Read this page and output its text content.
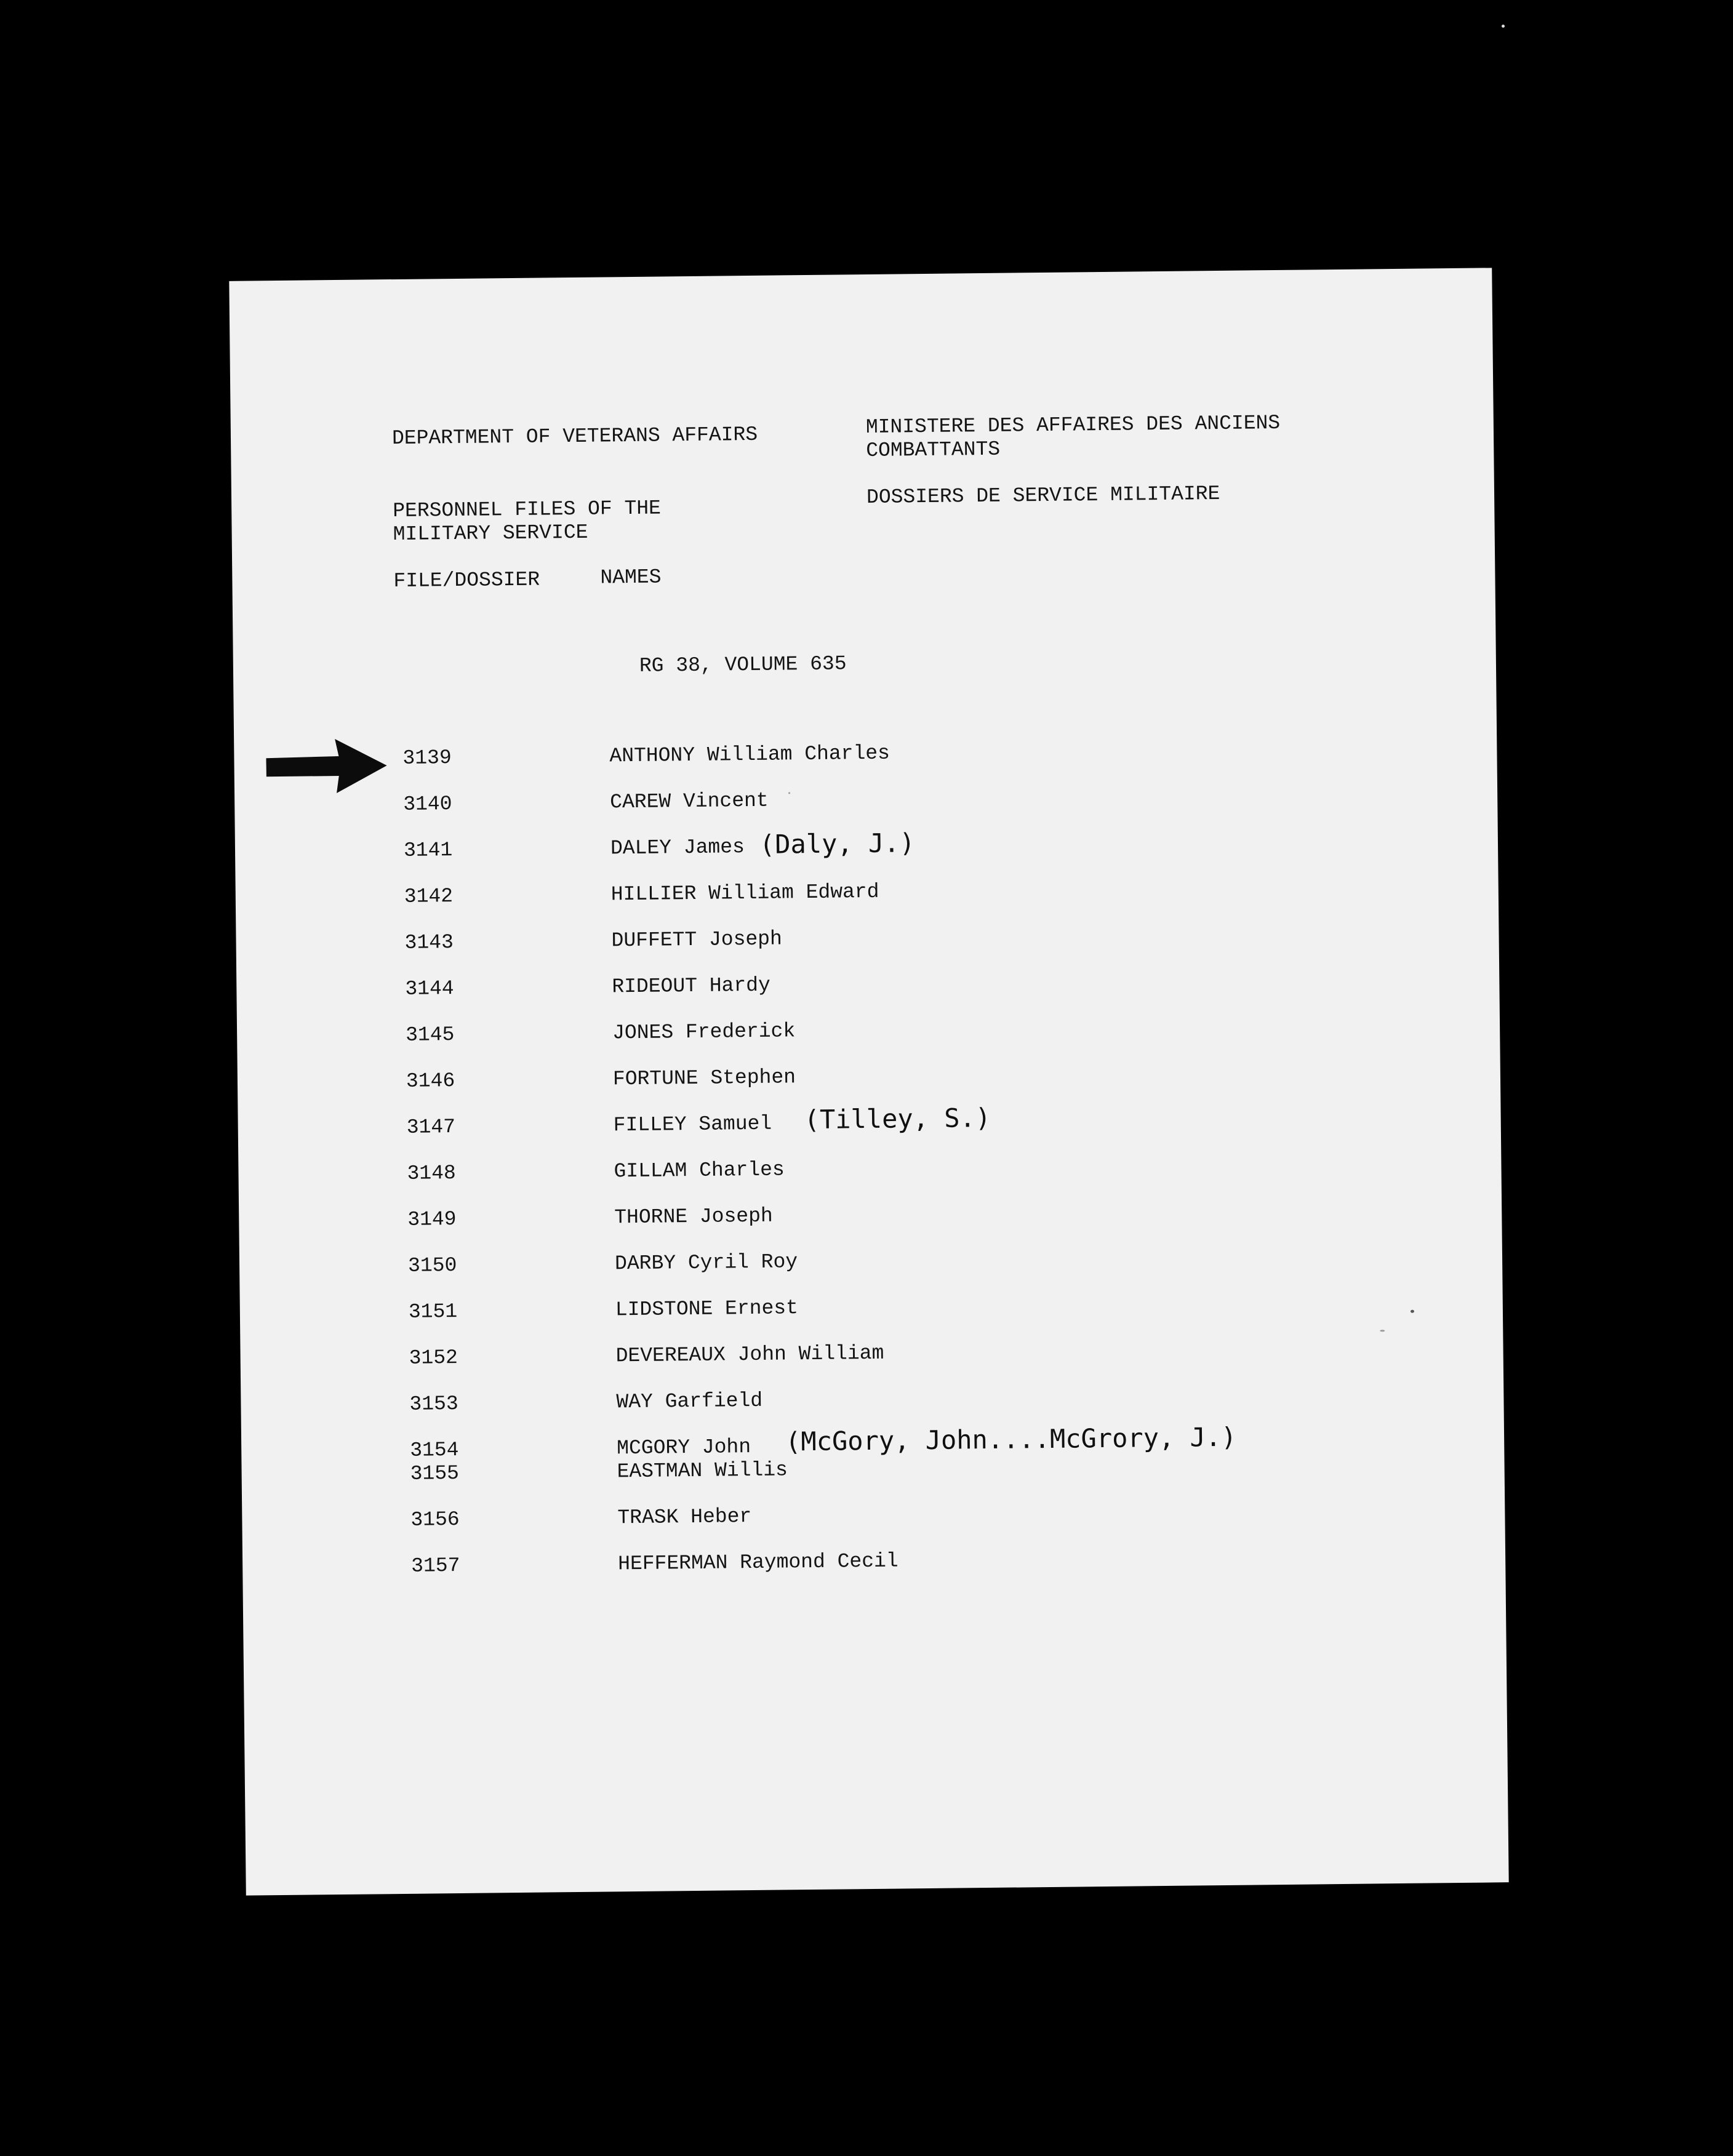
DEPARTMENT OF VETERANS AFFAIRS	MINISTERE DES AFFAIRES DES ANCIENS
COMBATTANTS
PERSONNEL FILES OF THE
MILITARY SERVICE
DOSSIERS DE SERVICE MILITAIRE
FILE/DOSSIER	NAMES
RG 38, VOLUME 635
3139	ANTHONY William Charles
3140	CAREW Vincent
3141	DALEY James (Daly, J.)
3142	HILLIER William Edward
3143	DUFFETT Joseph
3144	RIDEOUT Hardy
3145	JONES Frederick
3146	FORTUNE Stephen
3147	FILLEY Samuel (Tilley, S.)
3148	GILLAM Charles
3149	THORNE Joseph
3150	DARBY Cyril Roy
3151	LIDSTONE Ernest
3152	DEVEREAUX John William
3153	WAY Garfield
3154	MCGORY John (McGory, John....McGrory, J.)
3155	EASTMAN Willis
3156	TRASK Heber
3157	HEFFERMAN Raymond Cecil
